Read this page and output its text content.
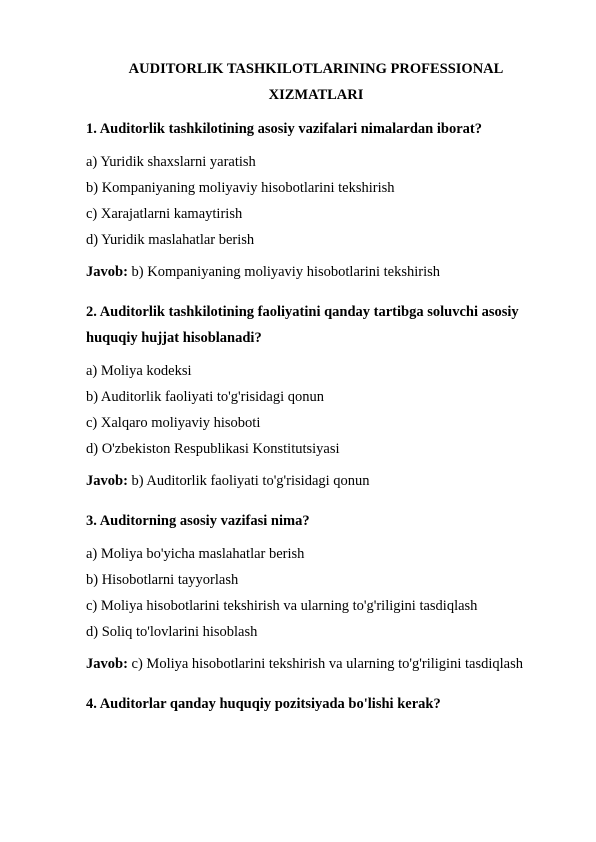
AUDITORLIK TASHKILOTLARINING PROFESSIONAL XIZMATLARI
1. Auditorlik tashkilotining asosiy vazifalari nimalardan iborat?
a) Yuridik shaxslarni yaratish
b) Kompaniyaning moliyaviy hisobotlarini tekshirish
c) Xarajatlarni kamaytirish
d) Yuridik maslahatlar berish
Javob: b) Kompaniyaning moliyaviy hisobotlarini tekshirish
2. Auditorlik tashkilotining faoliyatini qanday tartibga soluvchi asosiy huquqiy hujjat hisoblanadi?
a) Moliya kodeksi
b) Auditorlik faoliyati to'g'risidagi qonun
c) Xalqaro moliyaviy hisoboti
d) O'zbekiston Respublikasi Konstitutsiyasi
Javob: b) Auditorlik faoliyati to'g'risidagi qonun
3. Auditorning asosiy vazifasi nima?
a) Moliya bo'yicha maslahatlar berish
b) Hisobotlarni tayyorlash
c) Moliya hisobotlarini tekshirish va ularning to'g'riligini tasdiqlash
d) Soliq to'lovlarini hisoblash
Javob: c) Moliya hisobotlarini tekshirish va ularning to'g'riligini tasdiqlash
4. Auditorlar qanday huquqiy pozitsiyada bo'lishi kerak?
